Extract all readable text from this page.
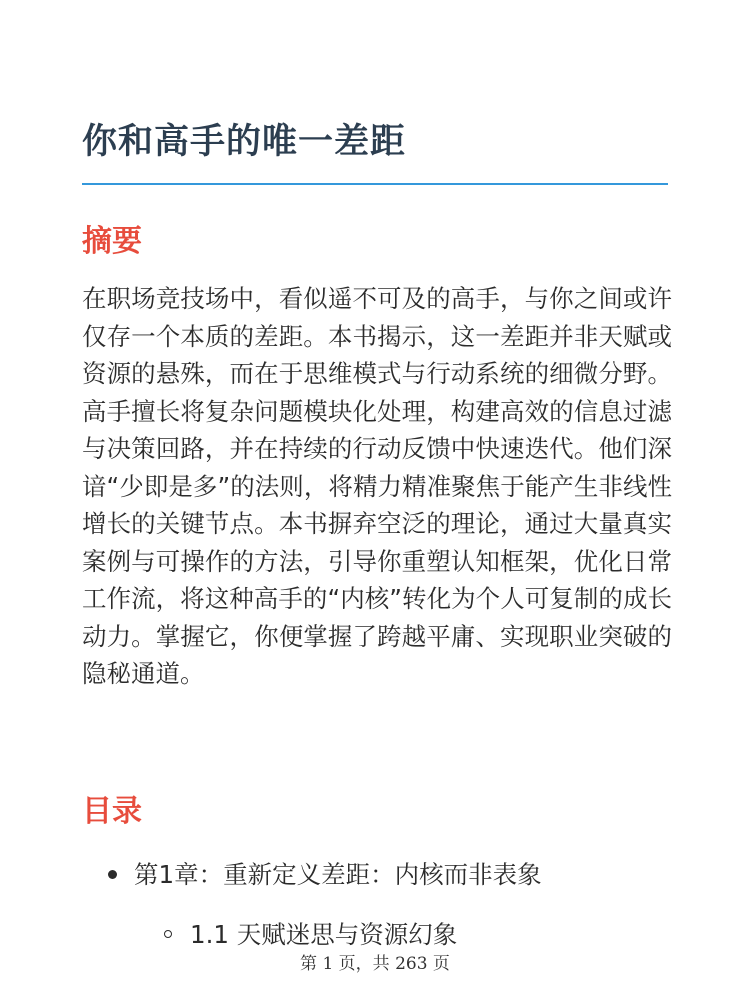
你和高手的唯一差距
摘要

在职场竞技场中，看似遥不可及的高手，与你之间或许仅存一个本质的差距。本书揭示，这一差距并非天赋或资源的悬殊，而在于思维模式与行动系统的细微分野。高手擅长将复杂问题模块化处理，构建高效的信息过滤与决策回路，并在持续的行动反馈中快速迭代。他们深谙“少即是多”的法则，将精力精准聚焦于能产生非线性增长的关键节点。本书摒弃空泛的理论，通过大量真实案例与可操作的方法，引导你重塑认知框架，优化日常工作流，将这种高手的“内核”转化为个人可复制的成长动力。掌握它，你便掌握了跨越平庸、实现职业突破的隐秘通道。

目录
第1章：重新定义差距：内核而非表象
1.1 天赋迷思与资源幻象
第 1 页，共 263 页
